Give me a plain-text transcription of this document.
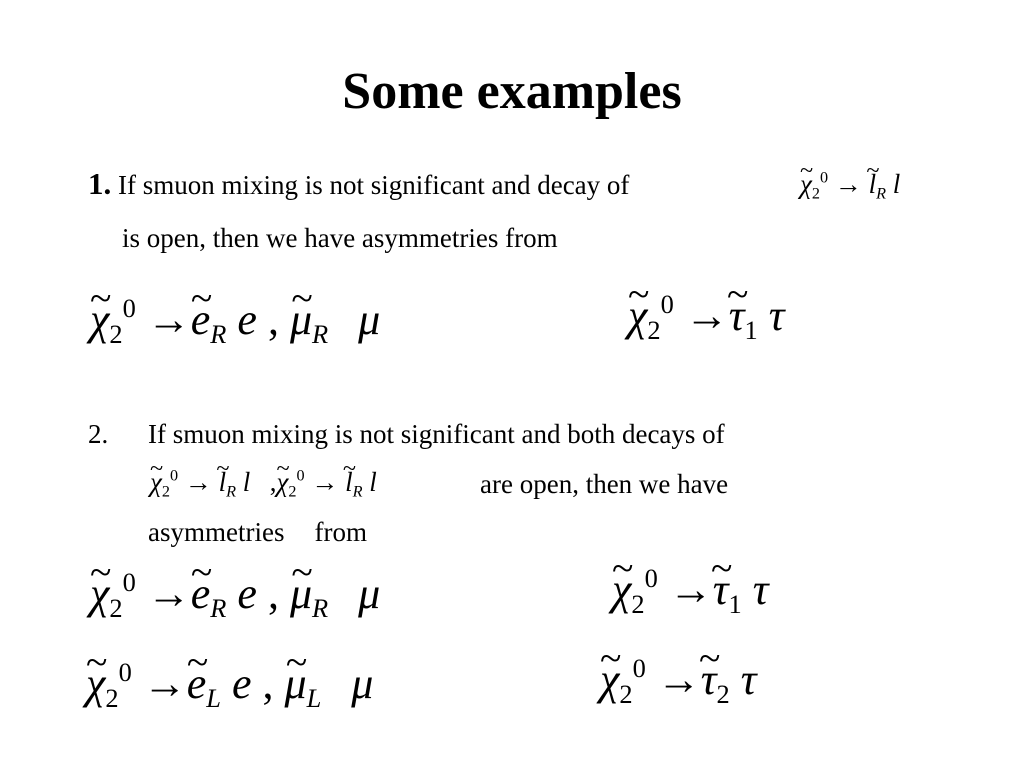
Some examples
1. If smuon mixing is not significant and decay of	~ $\chi_2^0$ → ~ $l_R$ l
is open, then we have asymmetries from
~ $\chi_2^0$ →~ $e_R$ e , ~ $\mu_R$ μ	~ $\chi_2^0$ →~ $\tau_1$ τ
2. If smuon mixing is not significant and both decays of
~ $\chi_2^0$ → ~ $l_R$ l ,~ $\chi_2^0$ → ~ $l_R$ l	are open, then we have
asymmetries from
~ $\chi_2^0$ →~ $e_R$ e , ~ $\mu_R$ μ	~ $\chi_2^0$ →~ $\tau_1$ τ
~ $\chi_2^0$ →~ $e_L$ e , ~ $\mu_L$ μ	~ $\chi_2^0$ →~ $\tau_2$ τ
